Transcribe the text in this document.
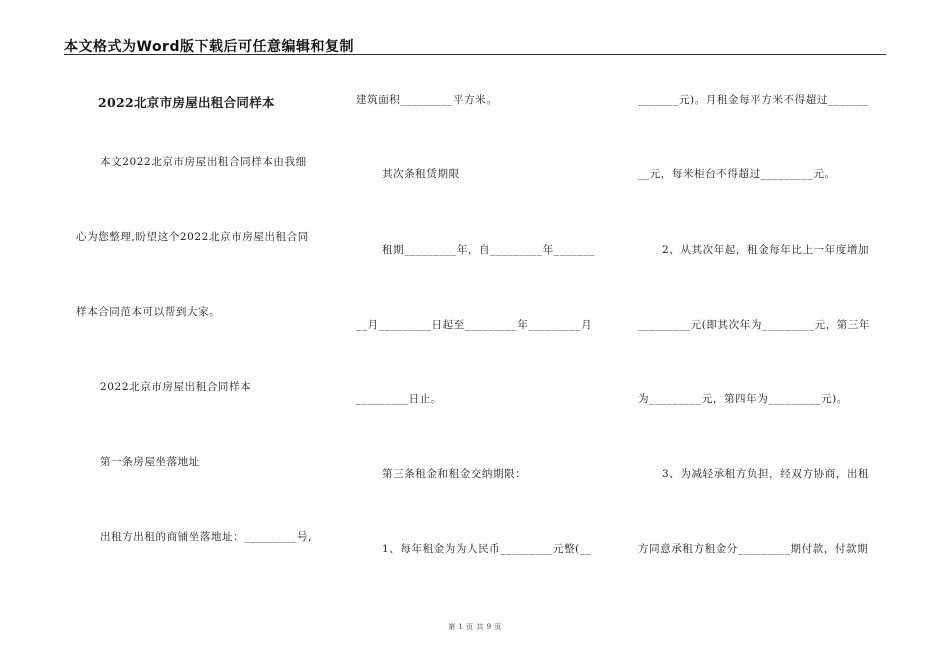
本文格式为Word版下载后可任意编辑和复制
2022北京市房屋出租合同样本
本文2022北京市房屋出租合同样本由我细
心为您整理,盼望这个2022北京市房屋出租合同
样本合同范本可以帮到大家。
2022北京市房屋出租合同样本
第一条房屋坐落地址
出租方出租的商铺坐落地址：_________号，
建筑面积_________平方米。
其次条租赁期限
租期_________年，自_________年_______
__月_________日起至_________年_________月
_________日止。
第三条租金和租金交纳期限：
1、每年租金为为人民币_________元整(__
_______元)。月租金每平方米不得超过_______
__元，每米柜台不得超过_________元。
2、从其次年起，租金每年比上一年度增加
_________元(即其次年为_________元，第三年
为_________元，第四年为_________元)。
3、为减轻承租方负担，经双方协商，出租
方同意承租方租金分_________期付款，付款期
第 1 页 共 9 页
